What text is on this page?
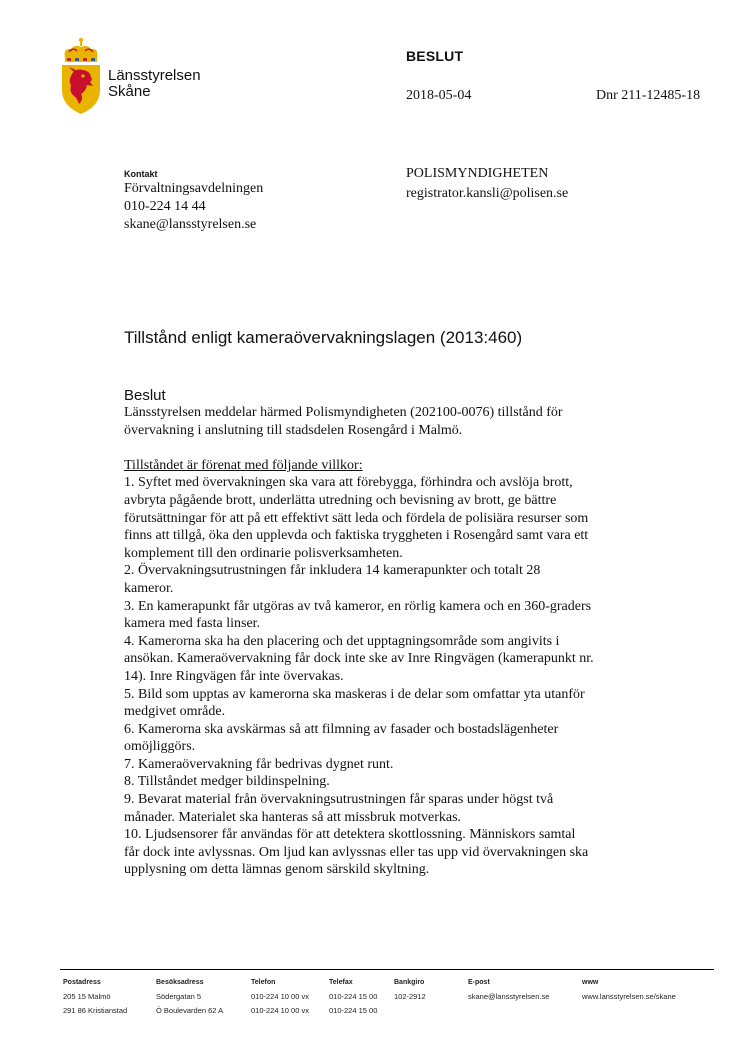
Länsstyrelsen
Skåne
BESLUT
2018-05-04	Dnr 211-12485-18
Kontakt
Förvaltningsavdelningen
010-224 14 44
skane@lansstyrelsen.se
POLISMYNDIGHETEN
registrator.kansli@polisen.se
Tillstånd enligt kameraövervakningslagen (2013:460)
Beslut

Länsstyrelsen meddelar härmed Polismyndigheten (202100-0076) tillstånd för

övervakning i anslutning till stadsdelen Rosengård i Malmö.

Tillståndet är förenat med följande villkor:

1. Syftet med övervakningen ska vara att förebygga, förhindra och avslöja brott,

avbryta pågående brott, underlätta utredning och bevisning av brott, ge bättre

förutsättningar för att på ett effektivt sätt leda och fördela de polisiära resurser som

finns att tillgå, öka den upplevda och faktiska tryggheten i Rosengård samt vara ett

komplement till den ordinarie polisverksamheten.

2. Övervakningsutrustningen får inkludera 14 kamerapunkter och totalt 28

kameror.

3. En kamerapunkt får utgöras av två kameror, en rörlig kamera och en 360-graders

kamera med fasta linser.

4. Kamerorna ska ha den placering och det upptagningsområde som angivits i

ansökan. Kameraövervakning får dock inte ske av Inre Ringvägen (kamerapunkt nr.

14). Inre Ringvägen får inte övervakas.

5. Bild som upptas av kamerorna ska maskeras i de delar som omfattar yta utanför

medgivet område.

6. Kamerorna ska avskärmas så att filmning av fasader och bostadslägenheter

omöjliggörs.

7. Kameraövervakning får bedrivas dygnet runt.

8. Tillståndet medger bildinspelning.

9. Bevarat material från övervakningsutrustningen får sparas under högst två

månader. Materialet ska hanteras så att missbruk motverkas.

10. Ljudsensorer får användas för att detektera skottlossning. Människors samtal

får dock inte avlyssnas. Om ljud kan avlyssnas eller tas upp vid övervakningen ska

upplysning om detta lämnas genom särskild skyltning.

Postadress
205 15 Malmö
291 86 Kristianstad
Besöksadress
Södergatan 5
Ö Boulevarden 62 A
Telefon
010-224 10 00 vx
010-224 10 00 vx
Telefax
010-224 15 00
010-224 15 00
Bankgiro
102-2912
E-post
skane@lansstyrelsen.se
www
www.lansstyrelsen.se/skane
